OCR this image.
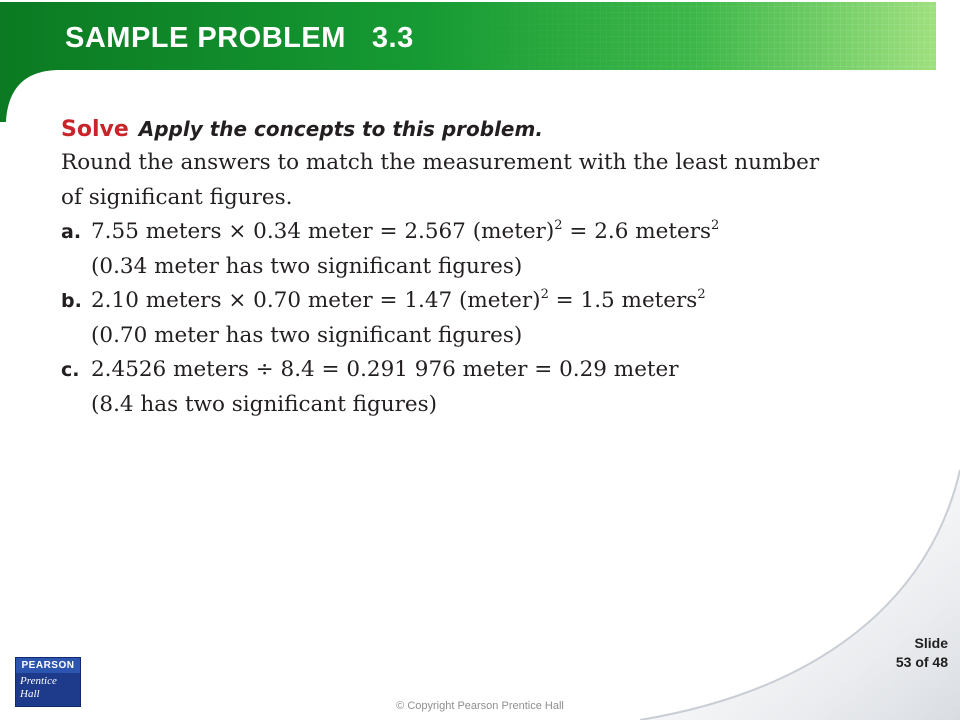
SAMPLE PROBLEM 3.3
Solve Apply the concepts to this problem.
Round the answers to match the measurement with the least number
of significant figures.
a. 7.55 meters × 0.34 meter = 2.567 (meter)$^2$ = 2.6 meters$^2$
(0.34 meter has two significant figures)
b. 2.10 meters × 0.70 meter = 1.47 (meter)$^2$ = 1.5 meters$^2$
(0.70 meter has two significant figures)
c. 2.4526 meters ÷ 8.4 = 0.291 976 meter = 0.29 meter
(8.4 has two significant figures)
Slide
53 of 48
PEARSON
Prentice
Hall
© Copyright Pearson Prentice Hall
